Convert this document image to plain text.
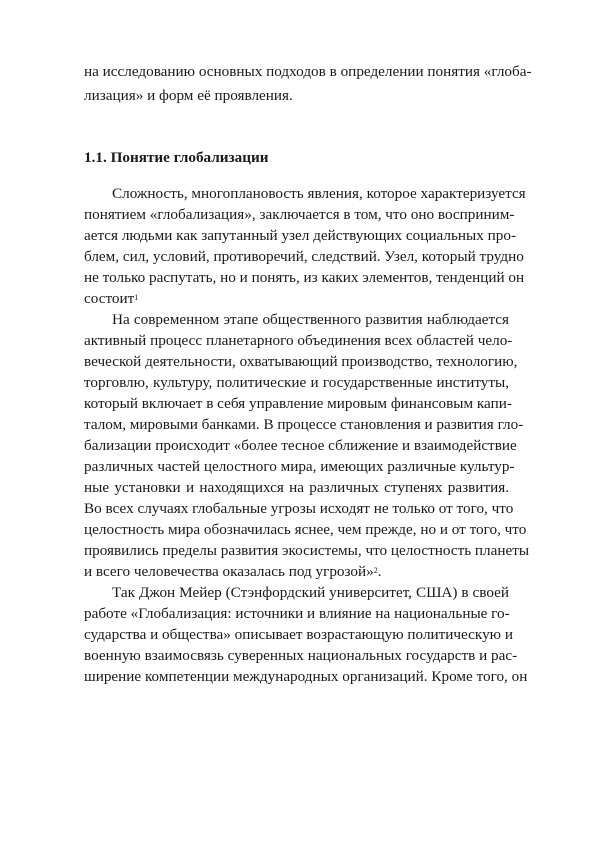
на исследованию основных подходов в определении понятия «глоба-
лизация» и форм её проявления.
1.1. Понятие глобализации
Сложность, многоплановость явления, которое характеризуется
понятием «глобализация», заключается в том, что оно восприним-
ается людьми как запутанный узел действующих социальных про-
блем, сил, условий, противоречий, следствий. Узел, который трудно
не только распутать, но и понять, из каких элементов, тенденций он
состоит$^1$
На современном этапе общественного развития наблюдается
активный процесс планетарного объединения всех областей чело-
веческой деятельности, охватывающий производство, технологию,
торговлю, культуру, политические и государственные институты,
который включает в себя управление мировым финансовым капи-
талом, мировыми банками. В процессе становления и развития гло-
бализации происходит «более тесное сближение и взаимодействие
различных частей целостного мира, имеющих различные культур-
ные установки и находящихся на различных ступенях развития.
Во всех случаях глобальные угрозы исходят не только от того, что
целостность мира обозначилась яснее, чем прежде, но и от того, что
проявились пределы развития экосистемы, что целостность планеты
и всего человечества оказалась под угрозой»$^2$.
Так Джон Мейер (Стэнфордский университет, США) в своей
работе «Глобализация: источники и влияние на национальные го-
сударства и общества» описывает возрастающую политическую и
военную взаимосвязь суверенных национальных государств и рас-
ширение компетенции международных организаций. Кроме того, он
